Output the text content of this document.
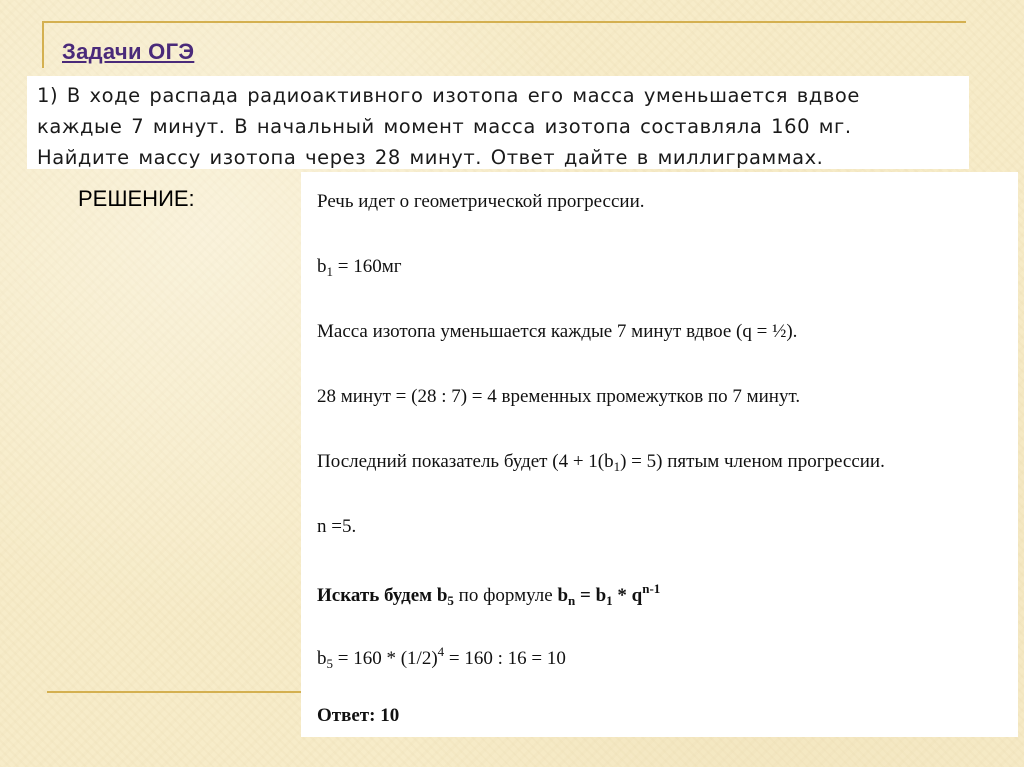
Задачи ОГЭ
1) В ходе распада радиоактивного изотопа его масса уменьшается вдвое
каждые 7 минут. В начальный момент масса изотопа составляла 160 мг.
Найдите массу изотопа через 28 минут. Ответ дайте в миллиграммах.
РЕШЕНИЕ:	Речь идет о геометрической прогрессии.

$b_1 = 160мг$

Масса изотопа уменьшается каждые 7 минут вдвое (q = ½).

28 минут = (28 : 7) = 4 временных промежутков по 7 минут.

Последний показатель будет $(4 + 1(b_1) = 5)$ пятым членом прогрессии.

n =5.

Искать будем $b_5$ по формуле $b_n = b_1 * q^{n-1}$

$b_5 = 160 * (1/2)^4 = 160$ : 16 = 10

Ответ: 10
